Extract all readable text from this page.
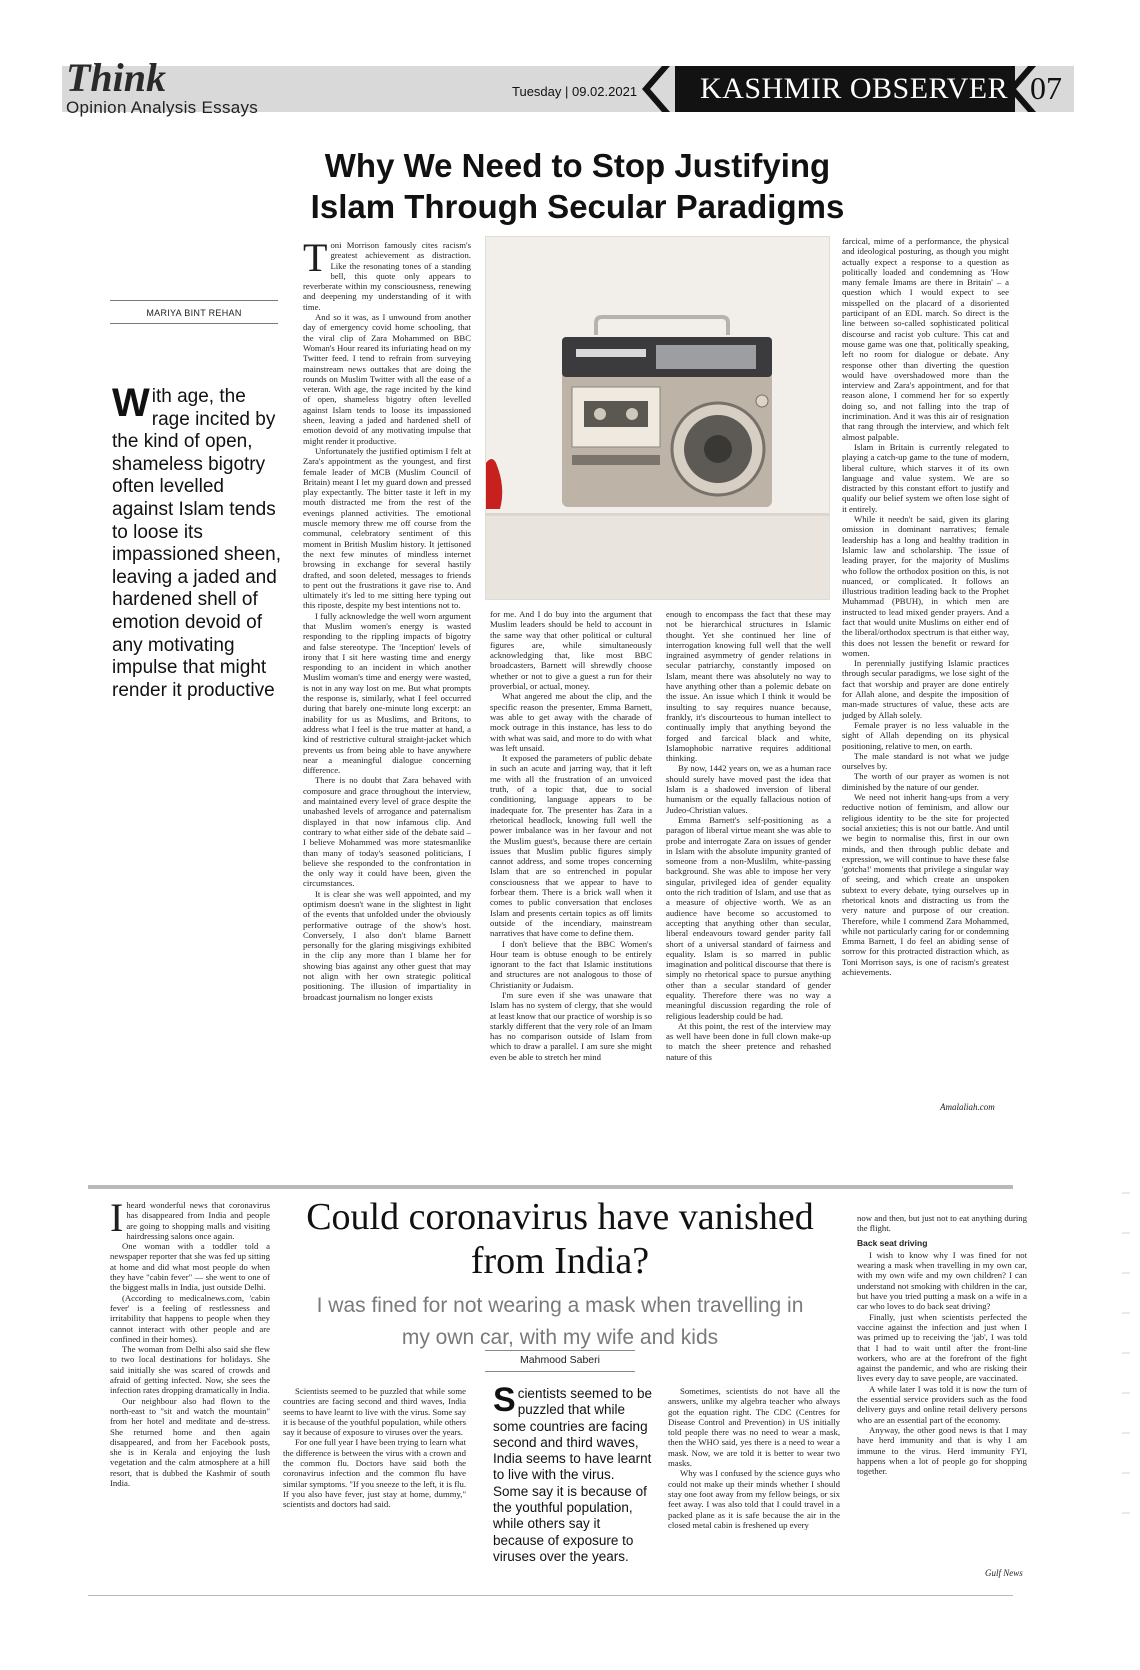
Think
Opinion Analysis Essays
Tuesday | 09.02.2021 KASHMIR OBSERVER 07
Why We Need to Stop Justifying Islam Through Secular Paradigms
MARIYA BINT REHAN
With age, the rage incited by the kind of open, shameless bigotry often levelled against Islam tends to loose its impassioned sheen, leaving a jaded and hardened shell of emotion devoid of any motivating impulse that might render it productive

Toni Morrison famously cites racism's greatest achievement as distraction. Like the resonating tones of a standing bell, this quote only appears to reverberate within my consciousness, renewing and deepening my understanding of it with time.

And so it was, as I unwound from another day of emergency covid home schooling, that the viral clip of Zara Mohammed on BBC Woman's Hour reared its infuriating head on my Twitter feed. I tend to refrain from surveying mainstream news outtakes that are doing the rounds on Muslim Twitter with all the ease of a veteran. With age, the rage incited by the kind of open, shameless bigotry often levelled against Islam tends to loose its impassioned sheen, leaving a jaded and hardened shell of emotion devoid of any motivating impulse that might render it productive.

Unfortunately the justified optimism I felt at Zara's appointment as the youngest, and first female leader of MCB (Muslim Council of Britain) meant I let my guard down and pressed play expectantly. The bitter taste it left in my mouth distracted me from the rest of the evenings planned activities. The emotional muscle memory threw me off course from the communal, celebratory sentiment of this moment in British Muslim history. It jettisoned the next few minutes of mindless internet browsing in exchange for several hastily drafted, and soon deleted, messages to friends to pent out the frustrations it gave rise to. And ultimately it's led to me sitting here typing out this riposte, despite my best intentions not to.

I fully acknowledge the well worn argument that Muslim women's energy is wasted responding to the rippling impacts of bigotry and false stereotype. The 'Inception' levels of irony that I sit here wasting time and energy responding to an incident in which another Muslim woman's time and energy were wasted, is not in any way lost on me. But what prompts the response is, similarly, what I feel occurred during that barely one-minute long excerpt: an inability for us as Muslims, and Britons, to address what I feel is the true matter at hand, a kind of restrictive cultural straight-jacket which prevents us from being able to have anywhere near a meaningful dialogue concerning difference.

There is no doubt that Zara behaved with composure and grace throughout the interview, and maintained every level of grace despite the unabashed levels of arrogance and paternalism displayed in that now infamous clip. And contrary to what either side of the debate said – I believe Mohammed was more statesmanlike than many of today's seasoned politicians, I believe she responded to the confrontation in the only way it could have been, given the circumstances.

It is clear she was well appointed, and my optimism doesn't wane in the slightest in light of the events that unfolded under the obviously performative outrage of the show's host. Conversely, I also don't blame Barnett personally for the glaring misgivings exhibited in the clip any more than I blame her for showing bias against any other guest that may not align with her own strategic political positioning. The illusion of impartiality in broadcast journalism no longer exists

for me. And I do buy into the argument that Muslim leaders should be held to account in the same way that other political or cultural figures are, while simultaneously acknowledging that, like most BBC broadcasters, Barnett will shrewdly choose whether or not to give a guest a run for their proverbial, or actual, money.

What angered me about the clip, and the specific reason the presenter, Emma Barnett, was able to get away with the charade of mock outrage in this instance, has less to do with what was said, and more to do with what was left unsaid.

It exposed the parameters of public debate in such an acute and jarring way, that it left me with all the frustration of an unvoiced truth, of a topic that, due to social conditioning, language appears to be inadequate for. The presenter has Zara in a rhetorical headlock, knowing full well the power imbalance was in her favour and not the Muslim guest's, because there are certain issues that Muslim public figures simply cannot address, and some tropes concerning Islam that are so entrenched in popular consciousness that we appear to have to forbear them. There is a brick wall when it comes to public conversation that encloses Islam and presents certain topics as off limits outside of the incendiary, mainstream narratives that have come to define them.

I don't believe that the BBC Women's Hour team is obtuse enough to be entirely ignorant to the fact that Islamic institutions and structures are not analogous to those of Christianity or Judaism.

I'm sure even if she was unaware that Islam has no system of clergy, that she would at least know that our practice of worship is so starkly different that the very role of an Imam has no comparison outside of Islam from which to draw a parallel. I am sure she might even be able to stretch her mind

enough to encompass the fact that these may not be hierarchical structures in Islamic thought. Yet she continued her line of interrogation knowing full well that the well ingrained asymmetry of gender relations in secular patriarchy, constantly imposed on Islam, meant there was absolutely no way to have anything other than a polemic debate on the issue. An issue which I think it would be insulting to say requires nuance because, frankly, it's discourteous to human intellect to continually imply that anything beyond the forged and farcical black and white, Islamophobic narrative requires additional thinking.

By now, 1442 years on, we as a human race should surely have moved past the idea that Islam is a shadowed inversion of liberal humanism or the equally fallacious notion of Judeo-Christian values.

Emma Barnett's self-positioning as a paragon of liberal virtue meant she was able to probe and interrogate Zara on issues of gender in Islam with the absolute impunity granted of someone from a non-Muslilm, white-passing background. She was able to impose her very singular, privileged idea of gender equality onto the rich tradition of Islam, and use that as a measure of objective worth. We as an audience have become so accustomed to accepting that anything other than secular, liberal endeavours toward gender parity fall short of a universal standard of fairness and equality. Islam is so marred in public imagination and political discourse that there is simply no rhetorical space to pursue anything other than a secular standard of gender equality. Therefore there was no way a meaningful discussion regarding the role of religious leadership could be had.

At this point, the rest of the interview may as well have been done in full clown make-up to match the sheer pretence and rehashed nature of this

farcical, mime of a performance, the physical and ideological posturing, as though you might actually expect a response to a question as politically loaded and condemning as 'How many female Imams are there in Britain' – a question which I would expect to see misspelled on the placard of a disoriented participant of an EDL march. So direct is the line between so-called sophisticated political discourse and racist yob culture. This cat and mouse game was one that, politically speaking, left no room for dialogue or debate. Any response other than diverting the question would have overshadowed more than the interview and Zara's appointment, and for that reason alone, I commend her for so expertly doing so, and not falling into the trap of incrimination. And it was this air of resignation that rang through the interview, and which felt almost palpable.

Islam in Britain is currently relegated to playing a catch-up game to the tune of modern, liberal culture, which starves it of its own language and value system. We are so distracted by this constant effort to justify and qualify our belief system we often lose sight of it entirely.

While it needn't be said, given its glaring omission in dominant narratives; female leadership has a long and healthy tradition in Islamic law and scholarship. The issue of leading prayer, for the majority of Muslims who follow the orthodox position on this, is not nuanced, or complicated. It follows an illustrious tradition leading back to the Prophet Muhammad (PBUH), in which men are instructed to lead mixed gender prayers. And a fact that would unite Muslims on either end of the liberal/orthodox spectrum is that either way, this does not lessen the benefit or reward for women.

In perennially justifying Islamic practices through secular paradigms, we lose sight of the fact that worship and prayer are done entirely for Allah alone, and despite the imposition of man-made structures of value, these acts are judged by Allah solely.

Female prayer is no less valuable in the sight of Allah depending on its physical positioning, relative to men, on earth.

The male standard is not what we judge ourselves by.

The worth of our prayer as women is not diminished by the nature of our gender.

We need not inherit hang-ups from a very reductive notion of feminism, and allow our religious identity to be the site for projected social anxieties; this is not our battle. And until we begin to normalise this, first in our own minds, and then through public debate and expression, we will continue to have these false 'gotcha!' moments that privilege a singular way of seeing, and which create an unspoken subtext to every debate, tying ourselves up in rhetorical knots and distracting us from the very nature and purpose of our creation. Therefore, while I commend Zara Mohammed, while not particularly caring for or condemning Emma Barnett, I do feel an abiding sense of sorrow for this protracted distraction which, as Toni Morrison says, is one of racism's greatest achievements.

Amalaliah.com

Iheard wonderful news that coronavirus has disappeared from India and people are going to shopping malls and visiting hairdressing salons once again.

One woman with a toddler told a newspaper reporter that she was fed up sitting at home and did what most people do when they have "cabin fever" — she went to one of the biggest malls in India, just outside Delhi.

(According to medicalnews.com, 'cabin fever' is a feeling of restlessness and irritability that happens to people when they cannot interact with other people and are confined in their homes).

The woman from Delhi also said she flew to two local destinations for holidays. She said initially she was scared of crowds and afraid of getting infected. Now, she sees the infection rates dropping dramatically in India.

Our neighbour also had flown to the north-east to "sit and watch the mountain" from her hotel and meditate and de-stress. She returned home and then again disappeared, and from her Facebook posts, she is in Kerala and enjoying the lush vegetation and the calm atmosphere at a hill resort, that is dubbed the Kashmir of south India.

Could coronavirus have vanished from India?
I was fined for not wearing a mask when travelling in my own car, with my wife and kids
Mahmood Saberi

Scientists seemed to be puzzled that while some countries are facing second and third waves, India seems to have learnt to live with the virus. Some say it is because of the youthful population, while others say it because of exposure to viruses over the years.

For one full year I have been trying to learn what the difference is between the virus with a crown and the common flu. Doctors have said both the coronavirus infection and the common flu have similar symptoms. "If you sneeze to the left, it is flu. If you also have fever, just stay at home, dummy," scientists and doctors had said.

Scientists seemed to be puzzled that while some countries are facing second and third waves, India seems to have learnt to live with the virus. Some say it is because of the youthful population, while others say it because of exposure to viruses over the years.

Sometimes, scientists do not have all the answers, unlike my algebra teacher who always got the equation right. The CDC (Centres for Disease Control and Prevention) in US initially told people there was no need to wear a mask, then the WHO said, yes there is a need to wear a mask. Now, we are told it is better to wear two masks.

Why was I confused by the science guys who could not make up their minds whether I should stay one foot away from my fellow beings, or six feet away. I was also told that I could travel in a packed plane as it is safe because the air in the closed metal cabin is freshened up every

now and then, but just not to eat anything during the flight.

Back seat driving

I wish to know why I was fined for not wearing a mask when travelling in my own car, with my own wife and my own children? I can understand not smoking with children in the car, but have you tried putting a mask on a wife in a car who loves to do back seat driving?

Finally, just when scientists perfected the vaccine against the infection and just when I was primed up to receiving the 'jab', I was told that I had to wait until after the front-line workers, who are at the forefront of the fight against the pandemic, and who are risking their lives every day to save people, are vaccinated.

A while later I was told it is now the turn of the essential service providers such as the food delivery guys and online retail delivery persons who are an essential part of the economy.

Anyway, the other good news is that I may have herd immunity and that is why I am immune to the virus. Herd immunity FYI, happens when a lot of people go for shopping together.

Gulf News
